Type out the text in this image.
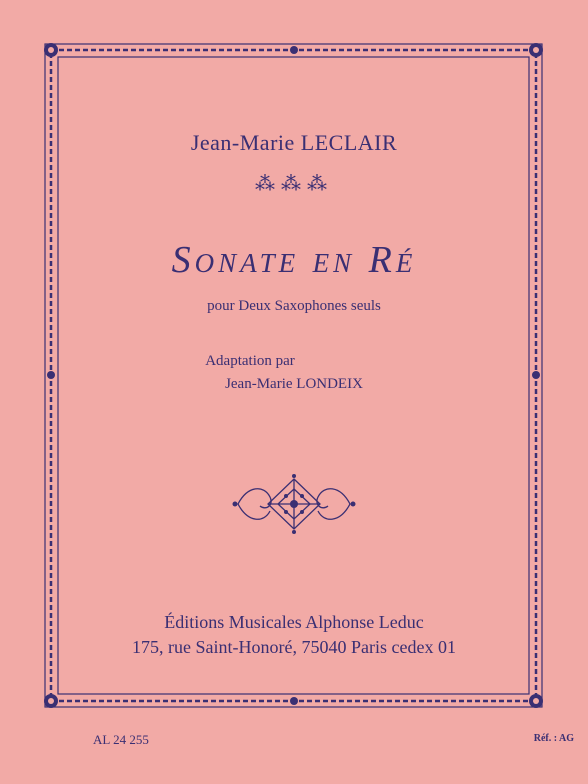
Jean-Marie LECLAIR
⁂⁂⁂
Sonate en Ré
pour Deux Saxophones seuls
Adaptation par
Jean-Marie LONDEIX
Éditions Musicales Alphonse Leduc
175, rue Saint-Honoré, 75040 Paris cedex 01
AL 24 255	Réf. : AG
